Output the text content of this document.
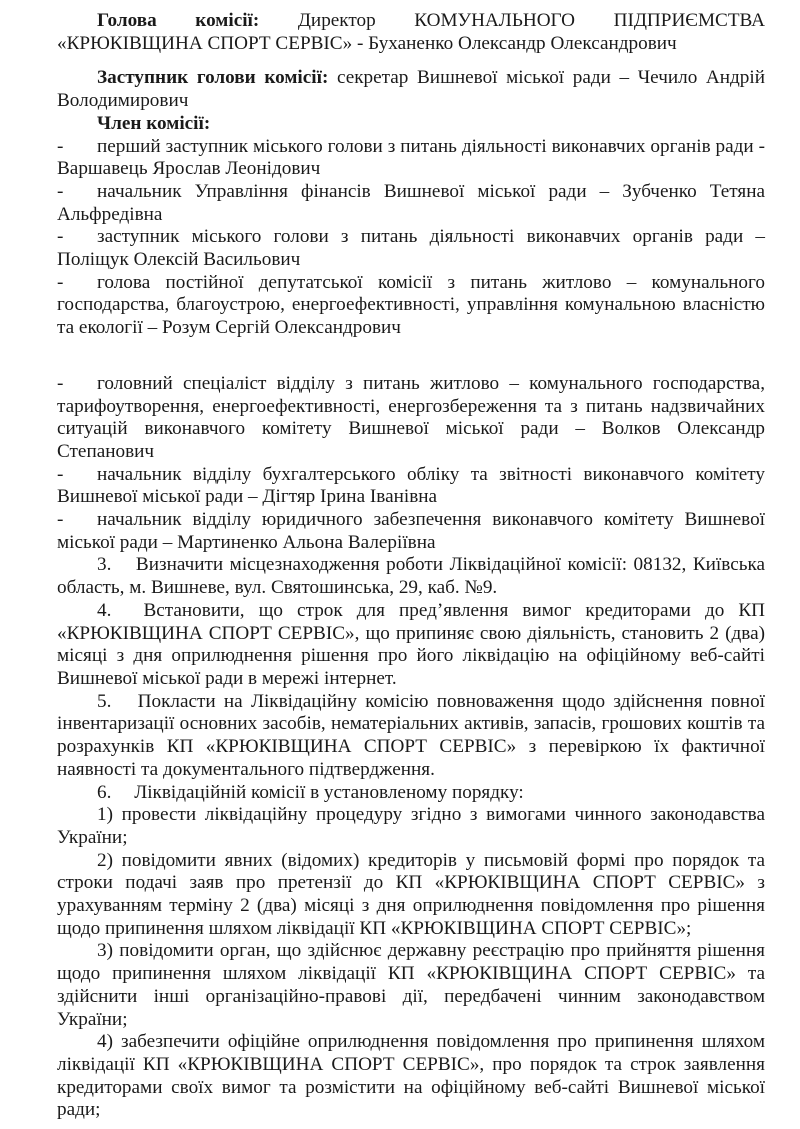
Голова комісії: Директор КОМУНАЛЬНОГО ПІДПРИЄМСТВА «КРЮКІВЩИНА СПОРТ СЕРВІС» - Буханенко Олександр Олександрович

Заступник голови комісії: секретар Вишневої міської ради – Чечило Андрій Володимирович

Член комісії:

- перший заступник міського голови з питань діяльності виконавчих органів ради - Варшавець Ярослав Леонідович

- начальник Управління фінансів Вишневої міської ради – Зубченко Тетяна Альфредівна

- заступник міського голови з питань діяльності виконавчих органів ради – Поліщук Олексій Васильович

- голова постійної депутатської комісії з питань житлово – комунального господарства, благоустрою, енергоефективності, управління комунальною власністю та екології – Розум Сергій Олександрович

- головний спеціаліст відділу з питань житлово – комунального господарства, тарифоутворення, енергоефективності, енергозбереження та з питань надзвичайних ситуацій виконавчого комітету Вишневої міської ради – Волков Олександр Степанович

- начальник відділу бухгалтерського обліку та звітності виконавчого комітету Вишневої міської ради – Дігтяр Ірина Іванівна

- начальник відділу юридичного забезпечення виконавчого комітету Вишневої міської ради – Мартиненко Альона Валеріївна

3. Визначити місцезнаходження роботи Ліквідаційної комісії: 08132, Київська область, м. Вишневе, вул. Святошинська, 29, каб. №9.

4. Встановити, що строк для пред’явлення вимог кредиторами до КП «КРЮКІВЩИНА СПОРТ СЕРВІС», що припиняє свою діяльність, становить 2 (два) місяці з дня оприлюднення рішення про його ліквідацію на офіційному веб-сайті Вишневої міської ради в мережі інтернет.

5. Покласти на Ліквідаційну комісію повноваження щодо здійснення повної інвентаризації основних засобів, нематеріальних активів, запасів, грошових коштів та розрахунків КП «КРЮКІВЩИНА СПОРТ СЕРВІС» з перевіркою їх фактичної наявності та документального підтвердження.

6. Ліквідаційній комісії в установленому порядку:

1) провести ліквідаційну процедуру згідно з вимогами чинного законодавства України;

2) повідомити явних (відомих) кредиторів у письмовій формі про порядок та строки подачі заяв про претензії до КП «КРЮКІВЩИНА СПОРТ СЕРВІС» з урахуванням терміну 2 (два) місяці з дня оприлюднення повідомлення про рішення щодо припинення шляхом ліквідації КП «КРЮКІВЩИНА СПОРТ СЕРВІС»;

3) повідомити орган, що здійснює державну реєстрацію про прийняття рішення щодо припинення шляхом ліквідації КП «КРЮКІВЩИНА СПОРТ СЕРВІС» та здійснити інші організаційно-правові дії, передбачені чинним законодавством України;

4) забезпечити офіційне оприлюднення повідомлення про припинення шляхом ліквідації КП «КРЮКІВЩИНА СПОРТ СЕРВІС», про порядок та строк заявлення кредиторами своїх вимог та розмістити на офіційному веб-сайті Вишневої міської ради;
